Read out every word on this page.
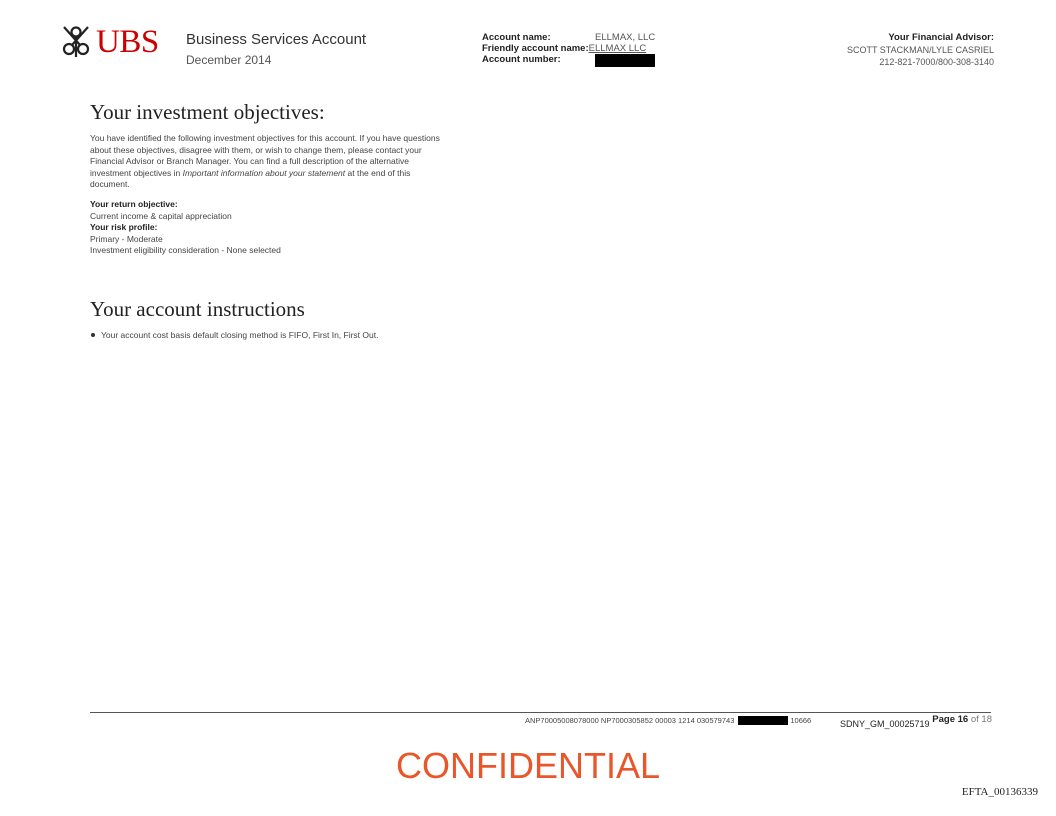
UBS Business Services Account
December 2014
Account name:	ELLMAX, LLC
Friendly account name: ELLMAX LLC
Account number:
Your Financial Advisor:
SCOTT STACKMAN/LYLE CASRIEL
212-821-7000/800-308-3140
Your investment objectives:
You have identified the following investment objectives for this account. If you have questions
about these objectives, disagree with them, or wish to change them, please contact your
Financial Advisor or Branch Manager. You can find a full description of the alternative
investment objectives in Important information about your statement at the end of this
document.
Your return objective:
Current income & capital appreciation
Your risk profile:
Primary - Moderate
Investment eligibility consideration - None selected
Your account instructions
Your account cost basis default closing method is FIFO, First In, First Out.
ANP70005008078000 NP7000305852 00003 1214 030579743	10666	SDNY_GM_00025719 Page 16 of 18
CONFIDENTIAL
EFTA_00136339
